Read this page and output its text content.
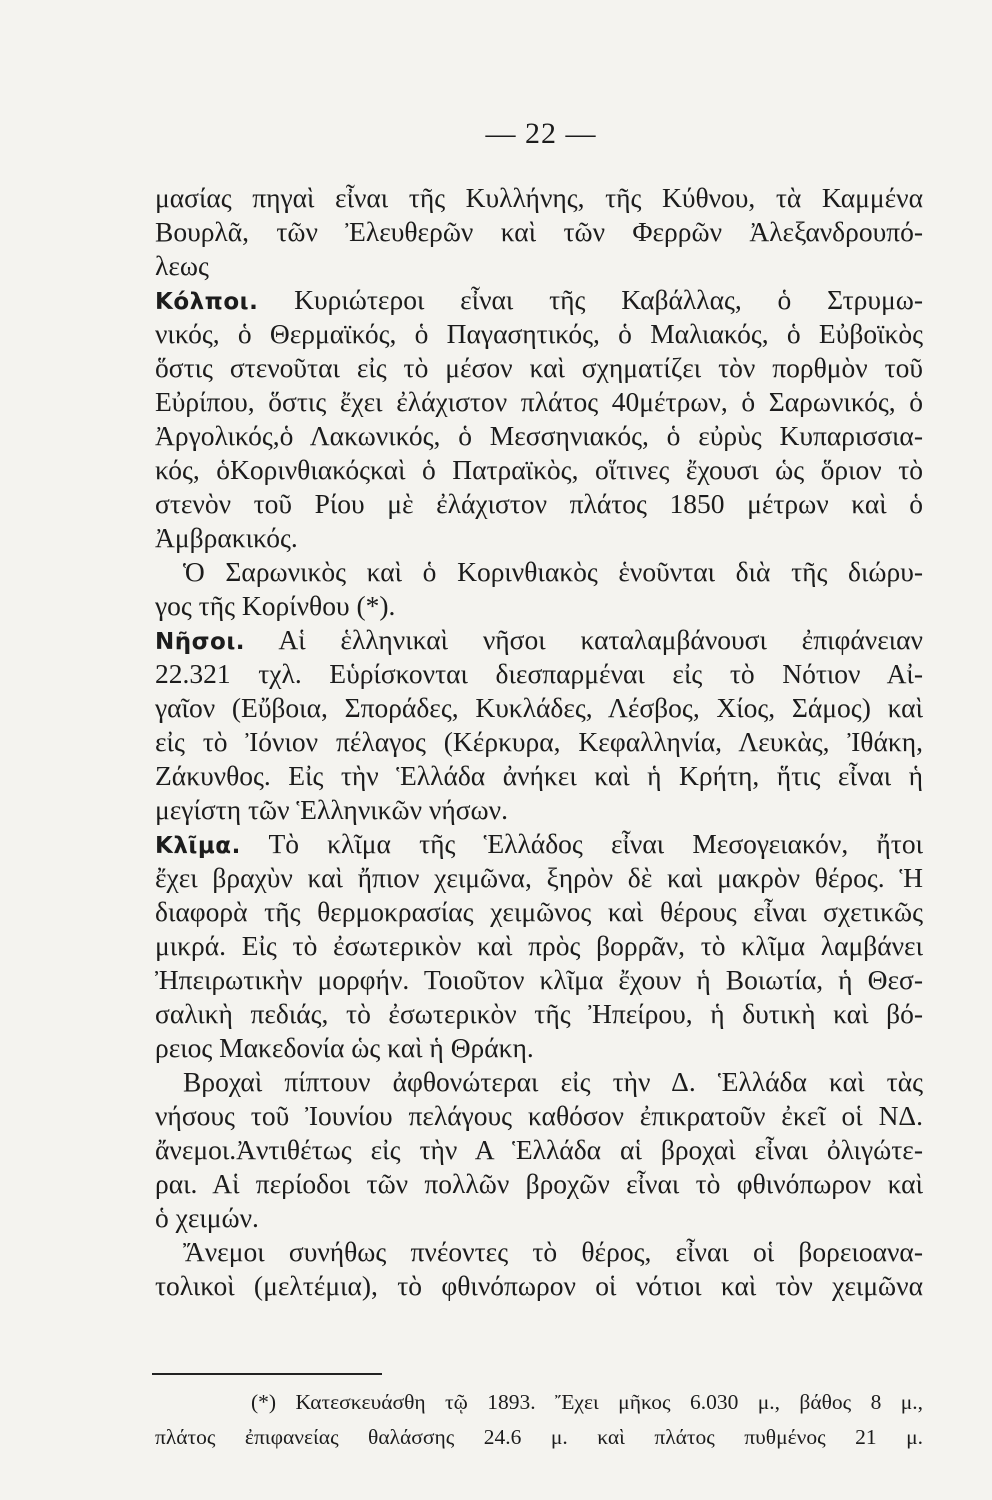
— 22 —
μασίας πηγαὶ εἶναι τῆς Κυλλήνης, τῆς Κύθνου, τὰ Καμμένα
Βουρλᾶ, τῶν Ἐλευθερῶν καὶ τῶν Φερρῶν Ἀλεξανδρουπό-
λεως
Κόλποι. Κυριώτεροι εἶναι τῆς Καβάλλας, ὁ Στρυμω-
νικός, ὁ Θερμαϊκός, ὁ Παγασητικός, ὁ Μαλιακός, ὁ Εὐβοϊκὸς
ὅστις στενοῦται εἰς τὸ μέσον καὶ σχηματίζει τὸν πορθμὸν τοῦ
Εὐρίπου, ὅστις ἔχει ἐλάχιστον πλάτος 40μέτρων, ὁ Σαρωνικός, ὁ
Ἀργολικός,ὁ Λακωνικός, ὁ Μεσσηνιακός, ὁ εὐρὺς Κυπαρισσια-
κός, ὁΚορινθιακόςκαὶ ὁ Πατραϊκὸς, οἵτινες ἔχουσι ὡς ὅριον τὸ
στενὸν τοῦ Ρίου μὲ ἐλάχιστον πλάτος 1850 μέτρων καὶ ὁ
Ἀμβρακικός.
Ὁ Σαρωνικὸς καὶ ὁ Κορινθιακὸς ἑνοῦνται διὰ τῆς διώρυ-
γος τῆς Κορίνθου (*).
Νῆσοι. Αἱ ἑλληνικαὶ νῆσοι καταλαμβάνουσι ἐπιφάνειαν
22.321 τχλ. Εὑρίσκονται διεσπαρμέναι εἰς τὸ Νότιον Αἰ-
γαῖον (Εὔβοια, Σποράδες, Κυκλάδες, Λέσβος, Χίος, Σάμος) καὶ
εἰς τὸ Ἰόνιον πέλαγος (Κέρκυρα, Κεφαλληνία, Λευκὰς, Ἰθάκη,
Ζάκυνθος. Εἰς τὴν Ἑλλάδα ἀνήκει καὶ ἡ Κρήτη, ἥτις εἶναι ἡ
μεγίστη τῶν Ἑλληνικῶν νήσων.
Κλῖμα. Τὸ κλῖμα τῆς Ἑλλάδος εἶναι Μεσογειακόν, ἤτοι
ἔχει βραχὺν καὶ ἤπιον χειμῶνα, ξηρὸν δὲ καὶ μακρὸν θέρος. Ἡ
διαφορὰ τῆς θερμοκρασίας χειμῶνος καὶ θέρους εἶναι σχετικῶς
μικρά. Εἰς τὸ ἐσωτερικὸν καὶ πρὸς βορρᾶν, τὸ κλῖμα λαμβάνει
Ἠπειρωτικὴν μορφήν. Τοιοῦτον κλῖμα ἔχουν ἡ Βοιωτία, ἡ Θεσ-
σαλικὴ πεδιάς, τὸ ἐσωτερικὸν τῆς Ἠπείρου, ἡ δυτικὴ καὶ βό-
ρειος Μακεδονία ὡς καὶ ἡ Θράκη.
Βροχαὶ πίπτουν ἀφθονώτεραι εἰς τὴν Δ. Ἑλλάδα καὶ τὰς
νήσους τοῦ Ἰουνίου πελάγους καθόσον ἐπικρατοῦν ἐκεῖ οἱ ΝΔ.
ἄνεμοι.Ἀντιθέτως εἰς τὴν Α Ἑλλάδα αἱ βροχαὶ εἶναι ὀλιγώτε-
ραι. Αἱ περίοδοι τῶν πολλῶν βροχῶν εἶναι τὸ φθινόπωρον καὶ
ὁ χειμών.
Ἄνεμοι συνήθως πνέοντες τὸ θέρος, εἶναι οἱ βορειοανα-
τολικοὶ (μελτέμια), τὸ φθινόπωρον οἱ νότιοι καὶ τὸν χειμῶνα
(*) Κατεσκευάσθη τῷ 1893. Ἔχει μῆκος 6.030 μ., βάθος 8 μ.,
πλάτος ἐπιφανείας θαλάσσης 24.6 μ. καὶ πλάτος πυθμένος 21 μ.
